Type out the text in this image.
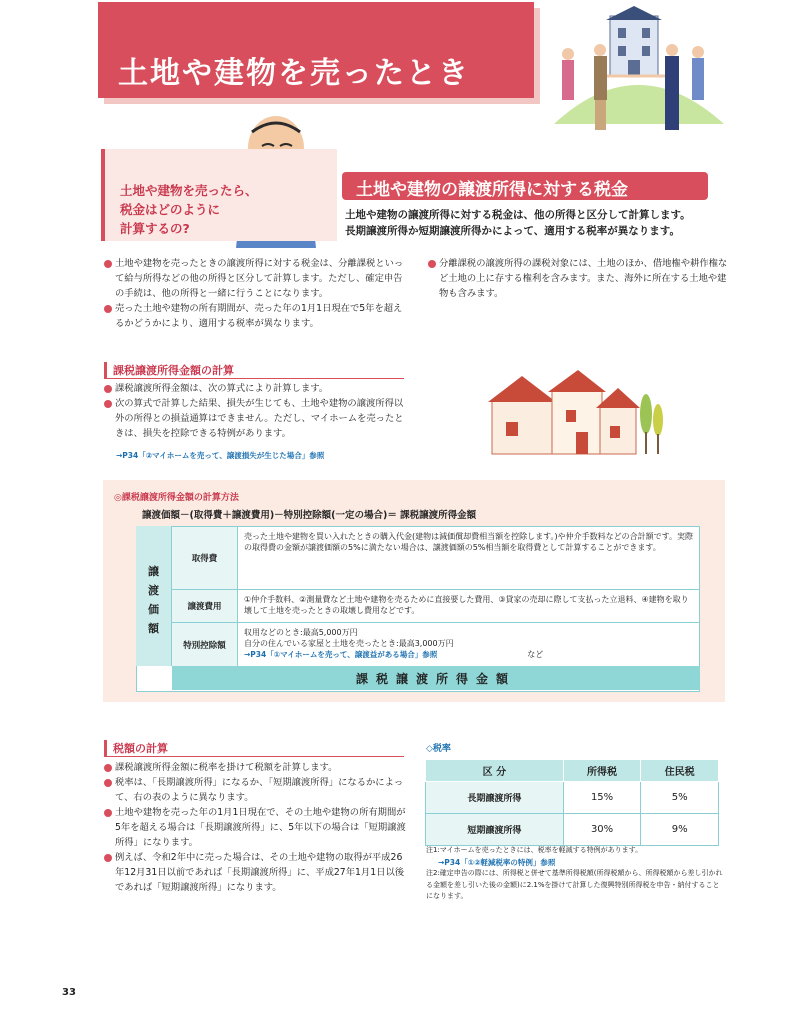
土地や建物を売ったとき
土地や建物を売ったら、
税金はどのように
計算するの?
土地や建物の譲渡所得に対する税金
土地や建物の譲渡所得に対する税金は、他の所得と区分して計算します。
長期譲渡所得か短期譲渡所得かによって、適用する税率が異なります。
土地や建物を売ったときの譲渡所得に対する税金は、分離課税といって給与所得などの他の所得と区分して計算します。ただし、確定申告の手続は、他の所得と一緒に行うことになります。
売った土地や建物の所有期間が、売った年の1月1日現在で5年を超えるかどうかにより、適用する税率が異なります。
分離課税の譲渡所得の課税対象には、土地のほか、借地権や耕作権など土地の上に存する権利を含みます。また、海外に所在する土地や建物も含みます。
課税譲渡所得金額の計算
課税譲渡所得金額は、次の算式により計算します。
次の算式で計算した結果、損失が生じても、土地や建物の譲渡所得以外の所得との損益通算はできません。ただし、マイホームを売ったときは、損失を控除できる特例があります。
→P34「②マイホームを売って、譲渡損失が生じた場合」参照
◎課税譲渡所得金額の計算方法
譲渡価額－(取得費＋譲渡費用)－特別控除額(一定の場合)＝ 課税譲渡所得金額
譲
渡
価
額
取得費
売った土地や建物を買い入れたときの購入代金(建物は減価償却費相当額を控除します。)や仲介手数料などの合計額です。実際の取得費の金額が譲渡価額の5%に満たない場合は、譲渡価額の5%相当額を取得費として計算することができます。
譲渡費用
①仲介手数料、②測量費など土地や建物を売るために直接要した費用、③貸家の売却に際して支払った立退料、④建物を取り壊して土地を売ったときの取壊し費用などです。
特別控除額
収用などのとき:最高5,000万円
自分の住んでいる家屋と土地を売ったとき:最高3,000万円
→P34「①マイホームを売って、譲渡益がある場合」参照	など
課税譲渡所得金額
税額の計算
課税譲渡所得金額に税率を掛けて税額を計算します。
税率は、「長期譲渡所得」になるか、「短期譲渡所得」になるかによって、右の表のように異なります。
土地や建物を売った年の1月1日現在で、その土地や建物の所有期間が5年を超える場合は「長期譲渡所得」に、5年以下の場合は「短期譲渡所得」になります。
例えば、令和2年中に売った場合は、その土地や建物の取得が平成26年12月31日以前であれば「長期譲渡所得」に、平成27年1月1日以後であれば「短期譲渡所得」になります。
◇税率
区 分	所得税	住民税
長期譲渡所得	15%	5%
短期譲渡所得	30%	9%
注1:マイホームを売ったときには、税率を軽減する特例があります。
→P34「①②軽減税率の特例」参照
注2:確定申告の際には、所得税と併せて基準所得税額(所得税額から、所得税額から差し引かれる金額を差し引いた後の金額)に2.1%を掛けて計算した復興特別所得税を申告・納付することになります。
33
